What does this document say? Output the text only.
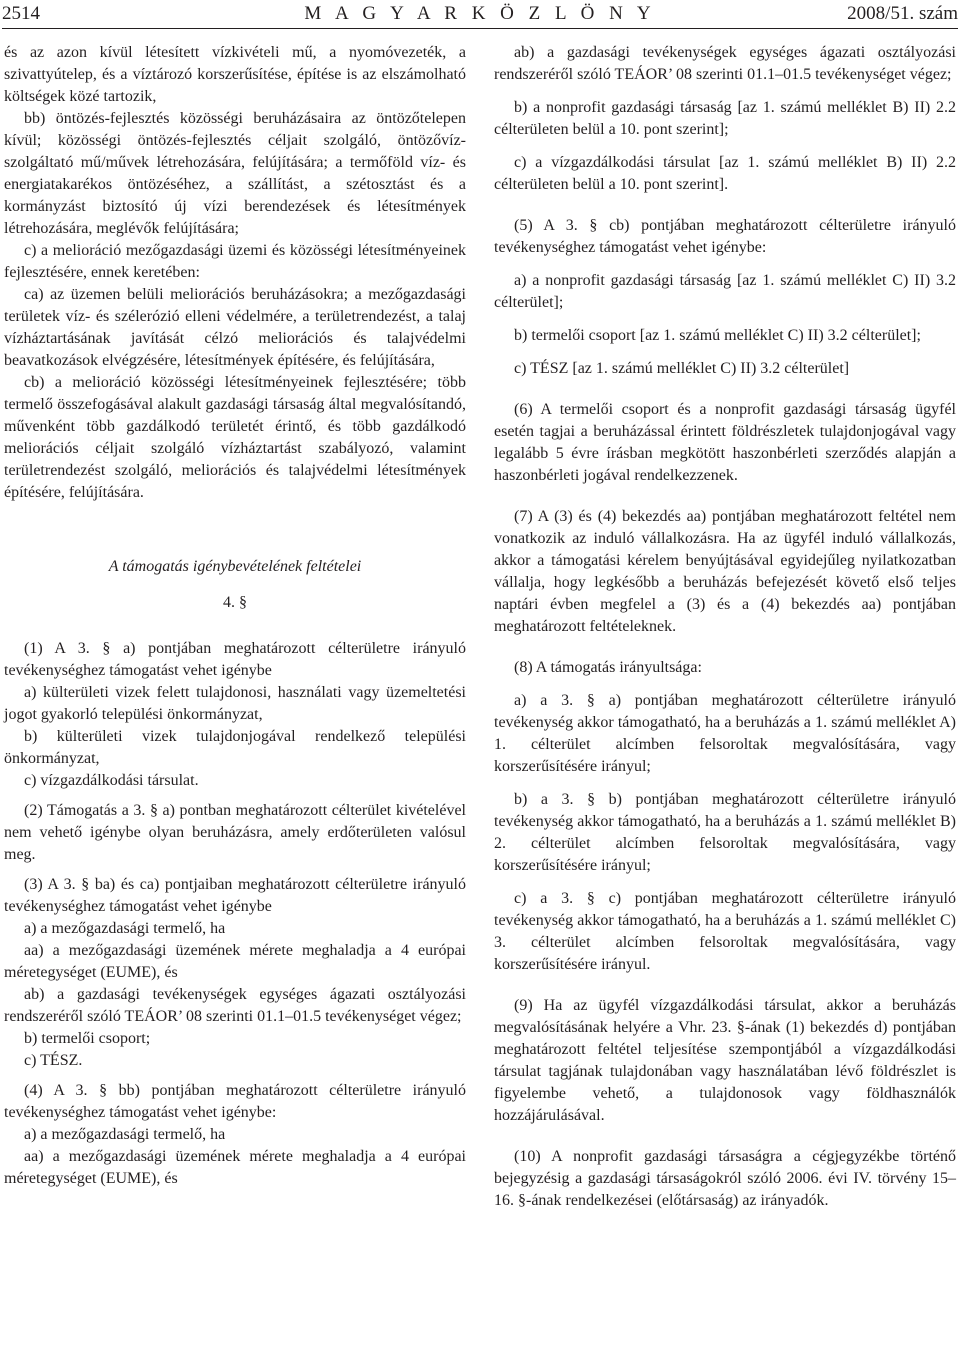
2514	M A G Y A R K Ö Z L Ö N Y	2008/51. szám

és az azon kívül létesített vízkivételi mű, a nyomóvezeték, a szivattyútelep, és a víztározó korszerűsítése, építése is az elszámolható költségek közé tartozik,

bb) öntözés-fejlesztés közösségi beruházásaira az öntözőtelepen kívül; közösségi öntözés-fejlesztés céljait szolgáló, öntözővíz-szolgáltató mű/művek létrehozására, felújítására; a termőföld víz- és energiatakarékos öntözéséhez, a szállítást, a szétosztást és a kormányzást biztosító új vízi berendezések és létesítmények létrehozására, meglévők felújítására;

c) a melioráció mezőgazdasági üzemi és közösségi létesítményeinek fejlesztésére, ennek keretében:

ca) az üzemen belüli meliorációs beruházásokra; a mezőgazdasági területek víz- és szélerózió elleni védelmére, a területrendezést, a talaj vízháztartásának javítását célzó meliorációs és talajvédelmi beavatkozások elvégzésére, létesítmények építésére, és felújítására,

cb) a melioráció közösségi létesítményeinek fejlesztésére; több termelő összefogásával alakult gazdasági társaság által megvalósítandó, művenként több gazdálkodó területét érintő, és több gazdálkodó meliorációs céljait szolgáló vízháztartást szabályozó, valamint területrendezést szolgáló, meliorációs és talajvédelmi létesítmények építésére, felújítására.

A támogatás igénybevételének feltételei

4. §

(1) A 3. § a) pontjában meghatározott célterületre irányuló tevékenységhez támogatást vehet igénybe

a) külterületi vizek felett tulajdonosi, használati vagy üzemeltetési jogot gyakorló települési önkormányzat,

b) külterületi vizek tulajdonjogával rendelkező települési önkormányzat,

c) vízgazdálkodási társulat.

(2) Támogatás a 3. § a) pontban meghatározott célterület kivételével nem vehető igénybe olyan beruházásra, amely erdőterületen valósul meg.

(3) A 3. § ba) és ca) pontjaiban meghatározott célterületre irányuló tevékenységhez támogatást vehet igénybe

a) a mezőgazdasági termelő, ha

aa) a mezőgazdasági üzemének mérete meghaladja a 4 európai méretegységet (EUME), és

ab) a gazdasági tevékenységek egységes ágazati osztályozási rendszeréről szóló TEÁOR’ 08 szerinti 01.1–01.5 tevékenységet végez;

b) termelői csoport;

c) TÉSZ.

(4) A 3. § bb) pontjában meghatározott célterületre irányuló tevékenységhez támogatást vehet igénybe:

a) a mezőgazdasági termelő, ha

aa) a mezőgazdasági üzemének mérete meghaladja a 4 európai méretegységet (EUME), és

ab) a gazdasági tevékenységek egységes ágazati osztályozási rendszeréről szóló TEÁOR’ 08 szerinti 01.1–01.5 tevékenységet végez;

b) a nonprofit gazdasági társaság [az 1. számú melléklet B) II) 2.2 célterületen belül a 10. pont szerint];

c) a vízgazdálkodási társulat [az 1. számú melléklet B) II) 2.2 célterületen belül a 10. pont szerint].

(5) A 3. § cb) pontjában meghatározott célterületre irányuló tevékenységhez támogatást vehet igénybe:

a) a nonprofit gazdasági társaság [az 1. számú melléklet C) II) 3.2 célterület];

b) termelői csoport [az 1. számú melléklet C) II) 3.2 célterület];

c) TÉSZ [az 1. számú melléklet C) II) 3.2 célterület]

(6) A termelői csoport és a nonprofit gazdasági társaság ügyfél esetén tagjai a beruházással érintett földrészletek tulajdonjogával vagy legalább 5 évre írásban megkötött haszonbérleti szerződés alapján a haszonbérleti jogával rendelkezzenek.

(7) A (3) és (4) bekezdés aa) pontjában meghatározott feltétel nem vonatkozik az induló vállalkozásra. Ha az ügyfél induló vállalkozás, akkor a támogatási kérelem benyújtásával egyidejűleg nyilatkozatban vállalja, hogy legkésőbb a beruházás befejezését követő első teljes naptári évben megfelel a (3) és a (4) bekezdés aa) pontjában meghatározott feltételeknek.

(8) A támogatás irányultsága:

a) a 3. § a) pontjában meghatározott célterületre irányuló tevékenység akkor támogatható, ha a beruházás a 1. számú melléklet A) 1. célterület alcímben felsoroltak megvalósítására, vagy korszerűsítésére irányul;

b) a 3. § b) pontjában meghatározott célterületre irányuló tevékenység akkor támogatható, ha a beruházás a 1. számú melléklet B) 2. célterület alcímben felsoroltak megvalósítására, vagy korszerűsítésére irányul;

c) a 3. § c) pontjában meghatározott célterületre irányuló tevékenység akkor támogatható, ha a beruházás a 1. számú melléklet C) 3. célterület alcímben felsoroltak megvalósítására, vagy korszerűsítésére irányul.

(9) Ha az ügyfél vízgazdálkodási társulat, akkor a beruházás megvalósításának helyére a Vhr. 23. §-ának (1) bekezdés d) pontjában meghatározott feltétel teljesítése szempontjából a vízgazdálkodási társulat tagjának tulajdonában vagy használatában lévő földrészlet is figyelembe vehető, a tulajdonosok vagy földhasználók hozzájárulásával.

(10) A nonprofit gazdasági társaságra a cégjegyzékbe történő bejegyzésig a gazdasági társaságokról szóló 2006. évi IV. törvény 15–16. §-ának rendelkezései (előtársaság) az irányadók.
